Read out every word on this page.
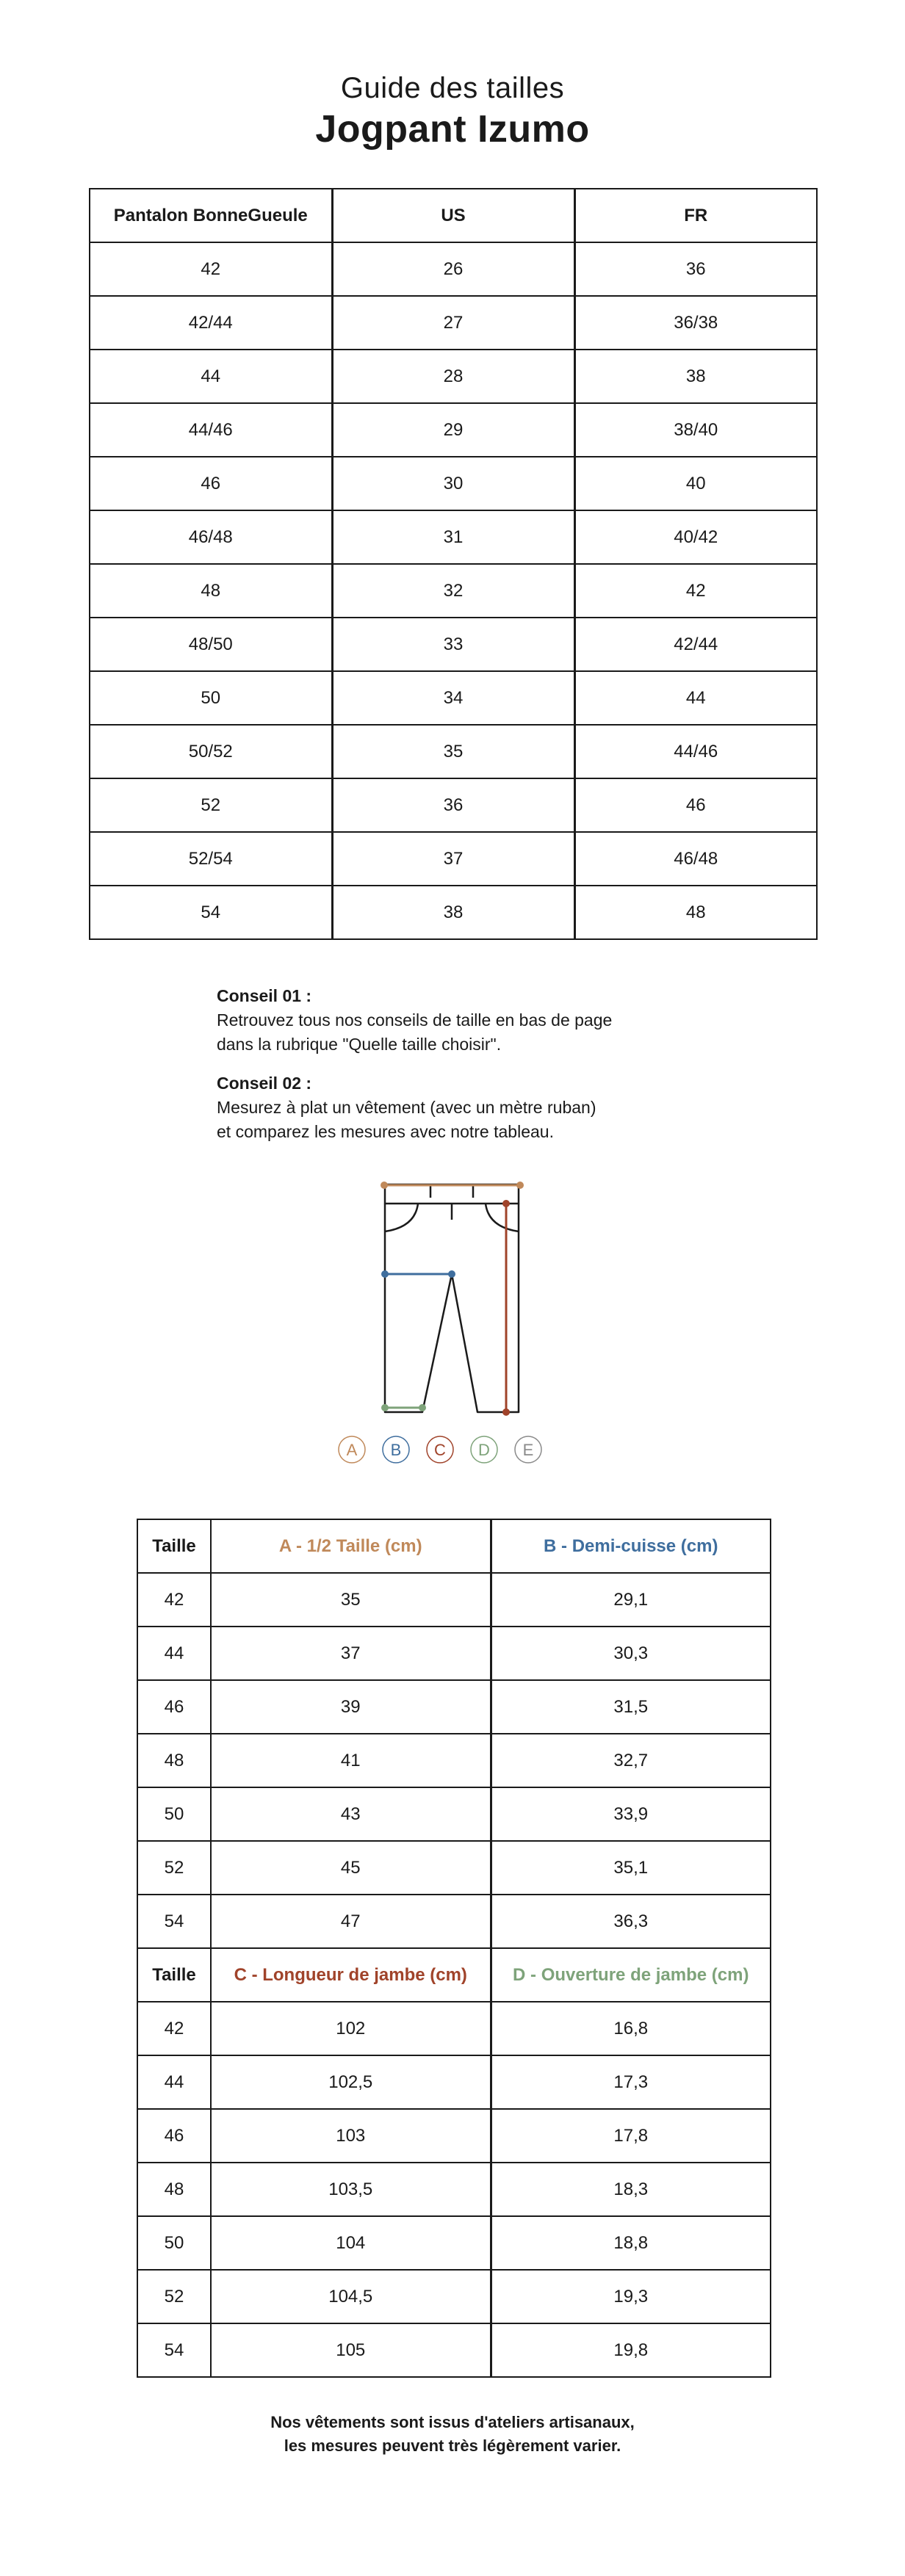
Guide des tailles
Jogpant Izumo
Pantalon BonneGueule	US	FR
42	26	36
42/44	27	36/38
44	28	38
44/46	29	38/40
46	30	40
46/48	31	40/42
48	32	42
48/50	33	42/44
50	34	44
50/52	35	44/46
52	36	46
52/54	37	46/48
54	38	48
Conseil 01 :
Retrouvez tous nos conseils de taille en bas de page
dans la rubrique "Quelle taille choisir".
Conseil 02 :
Mesurez à plat un vêtement (avec un mètre ruban)
et comparez les mesures avec notre tableau.
A B C D E
Taille	A - 1/2 Taille (cm)	B - Demi-cuisse (cm)
42	35	29,1
44	37	30,3
46	39	31,5
48	41	32,7
50	43	33,9
52	45	35,1
54	47	36,3
Taille	C - Longueur de jambe (cm)	D - Ouverture de jambe (cm)
42	102	16,8
44	102,5	17,3
46	103	17,8
48	103,5	18,3
50	104	18,8
52	104,5	19,3
54	105	19,8
Nos vêtements sont issus d'ateliers artisanaux,
les mesures peuvent très légèrement varier.
